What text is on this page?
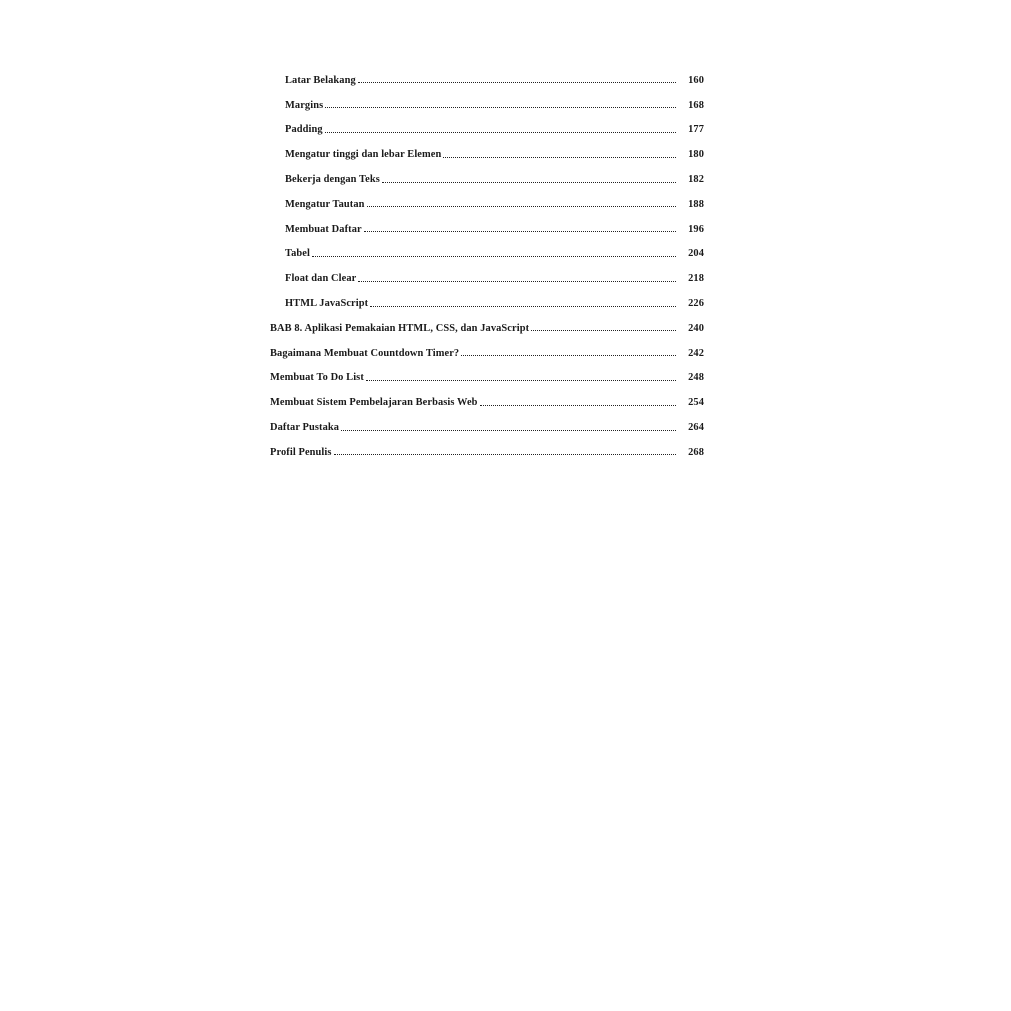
Latar Belakang	160
Margins	168
Padding	177
Mengatur tinggi dan lebar Elemen	180
Bekerja dengan Teks	182
Mengatur Tautan	188
Membuat Daftar	196
Tabel	204
Float dan Clear	218
HTML JavaScript	226
BAB 8. Aplikasi Pemakaian HTML, CSS, dan JavaScript	240
Bagaimana Membuat Countdown Timer?	242
Membuat To Do List	248
Membuat Sistem Pembelajaran Berbasis Web	254
Daftar Pustaka	264
Profil Penulis	268
